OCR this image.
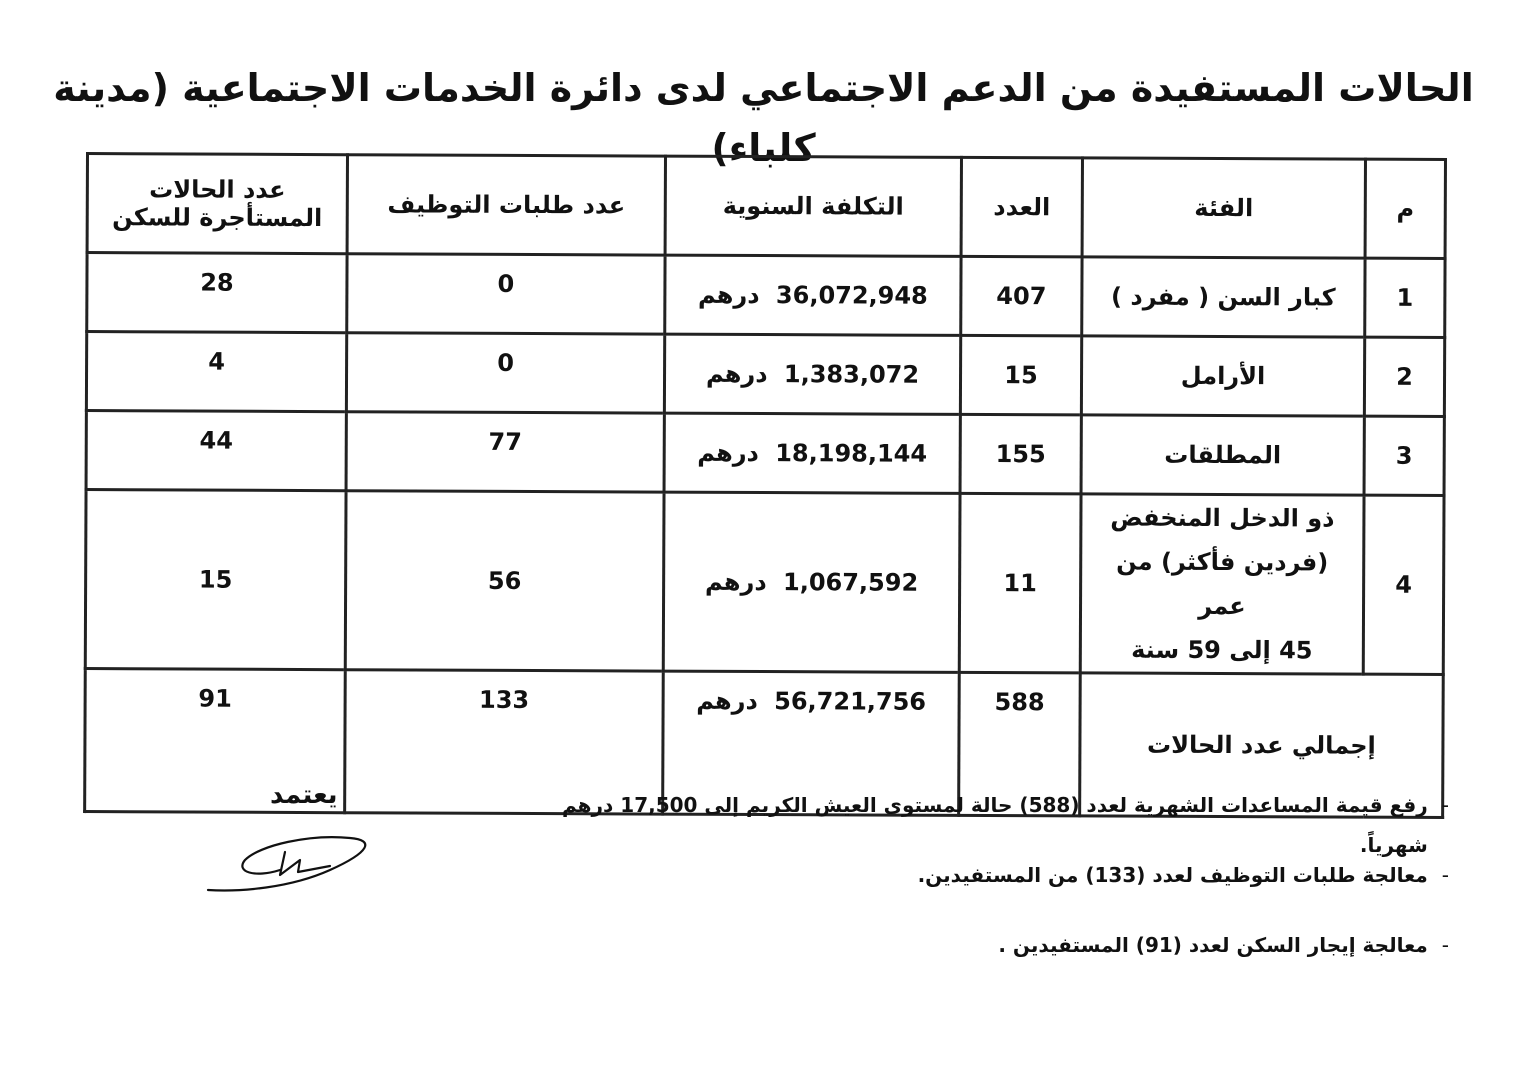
الحالات المستفيدة من الدعم الاجتماعي لدى دائرة الخدمات الاجتماعية (مدينة كلباء)
م	الفئة	العدد	التكلفة السنوية	عدد طلبات التوظيف	عدد الحالات
المستأجرة للسكن

1	كبار السن ( مفرد )	407	36,072,948 درهم	0	28
2	الأرامل	15	1,383,072 درهم	0	4
3	المطلقات	155	18,198,144 درهم	77	44
4	ذو الدخل المنخفض
(فردين فأكثر) من عمر
45 إلى 59 سنة	11	1,067,592 درهم	56	15
إجمالي عدد الحالات		588	56,721,756 درهم	133	91
-
رفع قيمة المساعدات الشهرية لعدد (588) حالة لمستوى العيش الكريم إلى 17,500 درهم شهرياً.
-
معالجة طلبات التوظيف لعدد (133) من المستفيدين.
-
معالجة إيجار السكن لعدد (91) المستفيدين .

يعتمد
